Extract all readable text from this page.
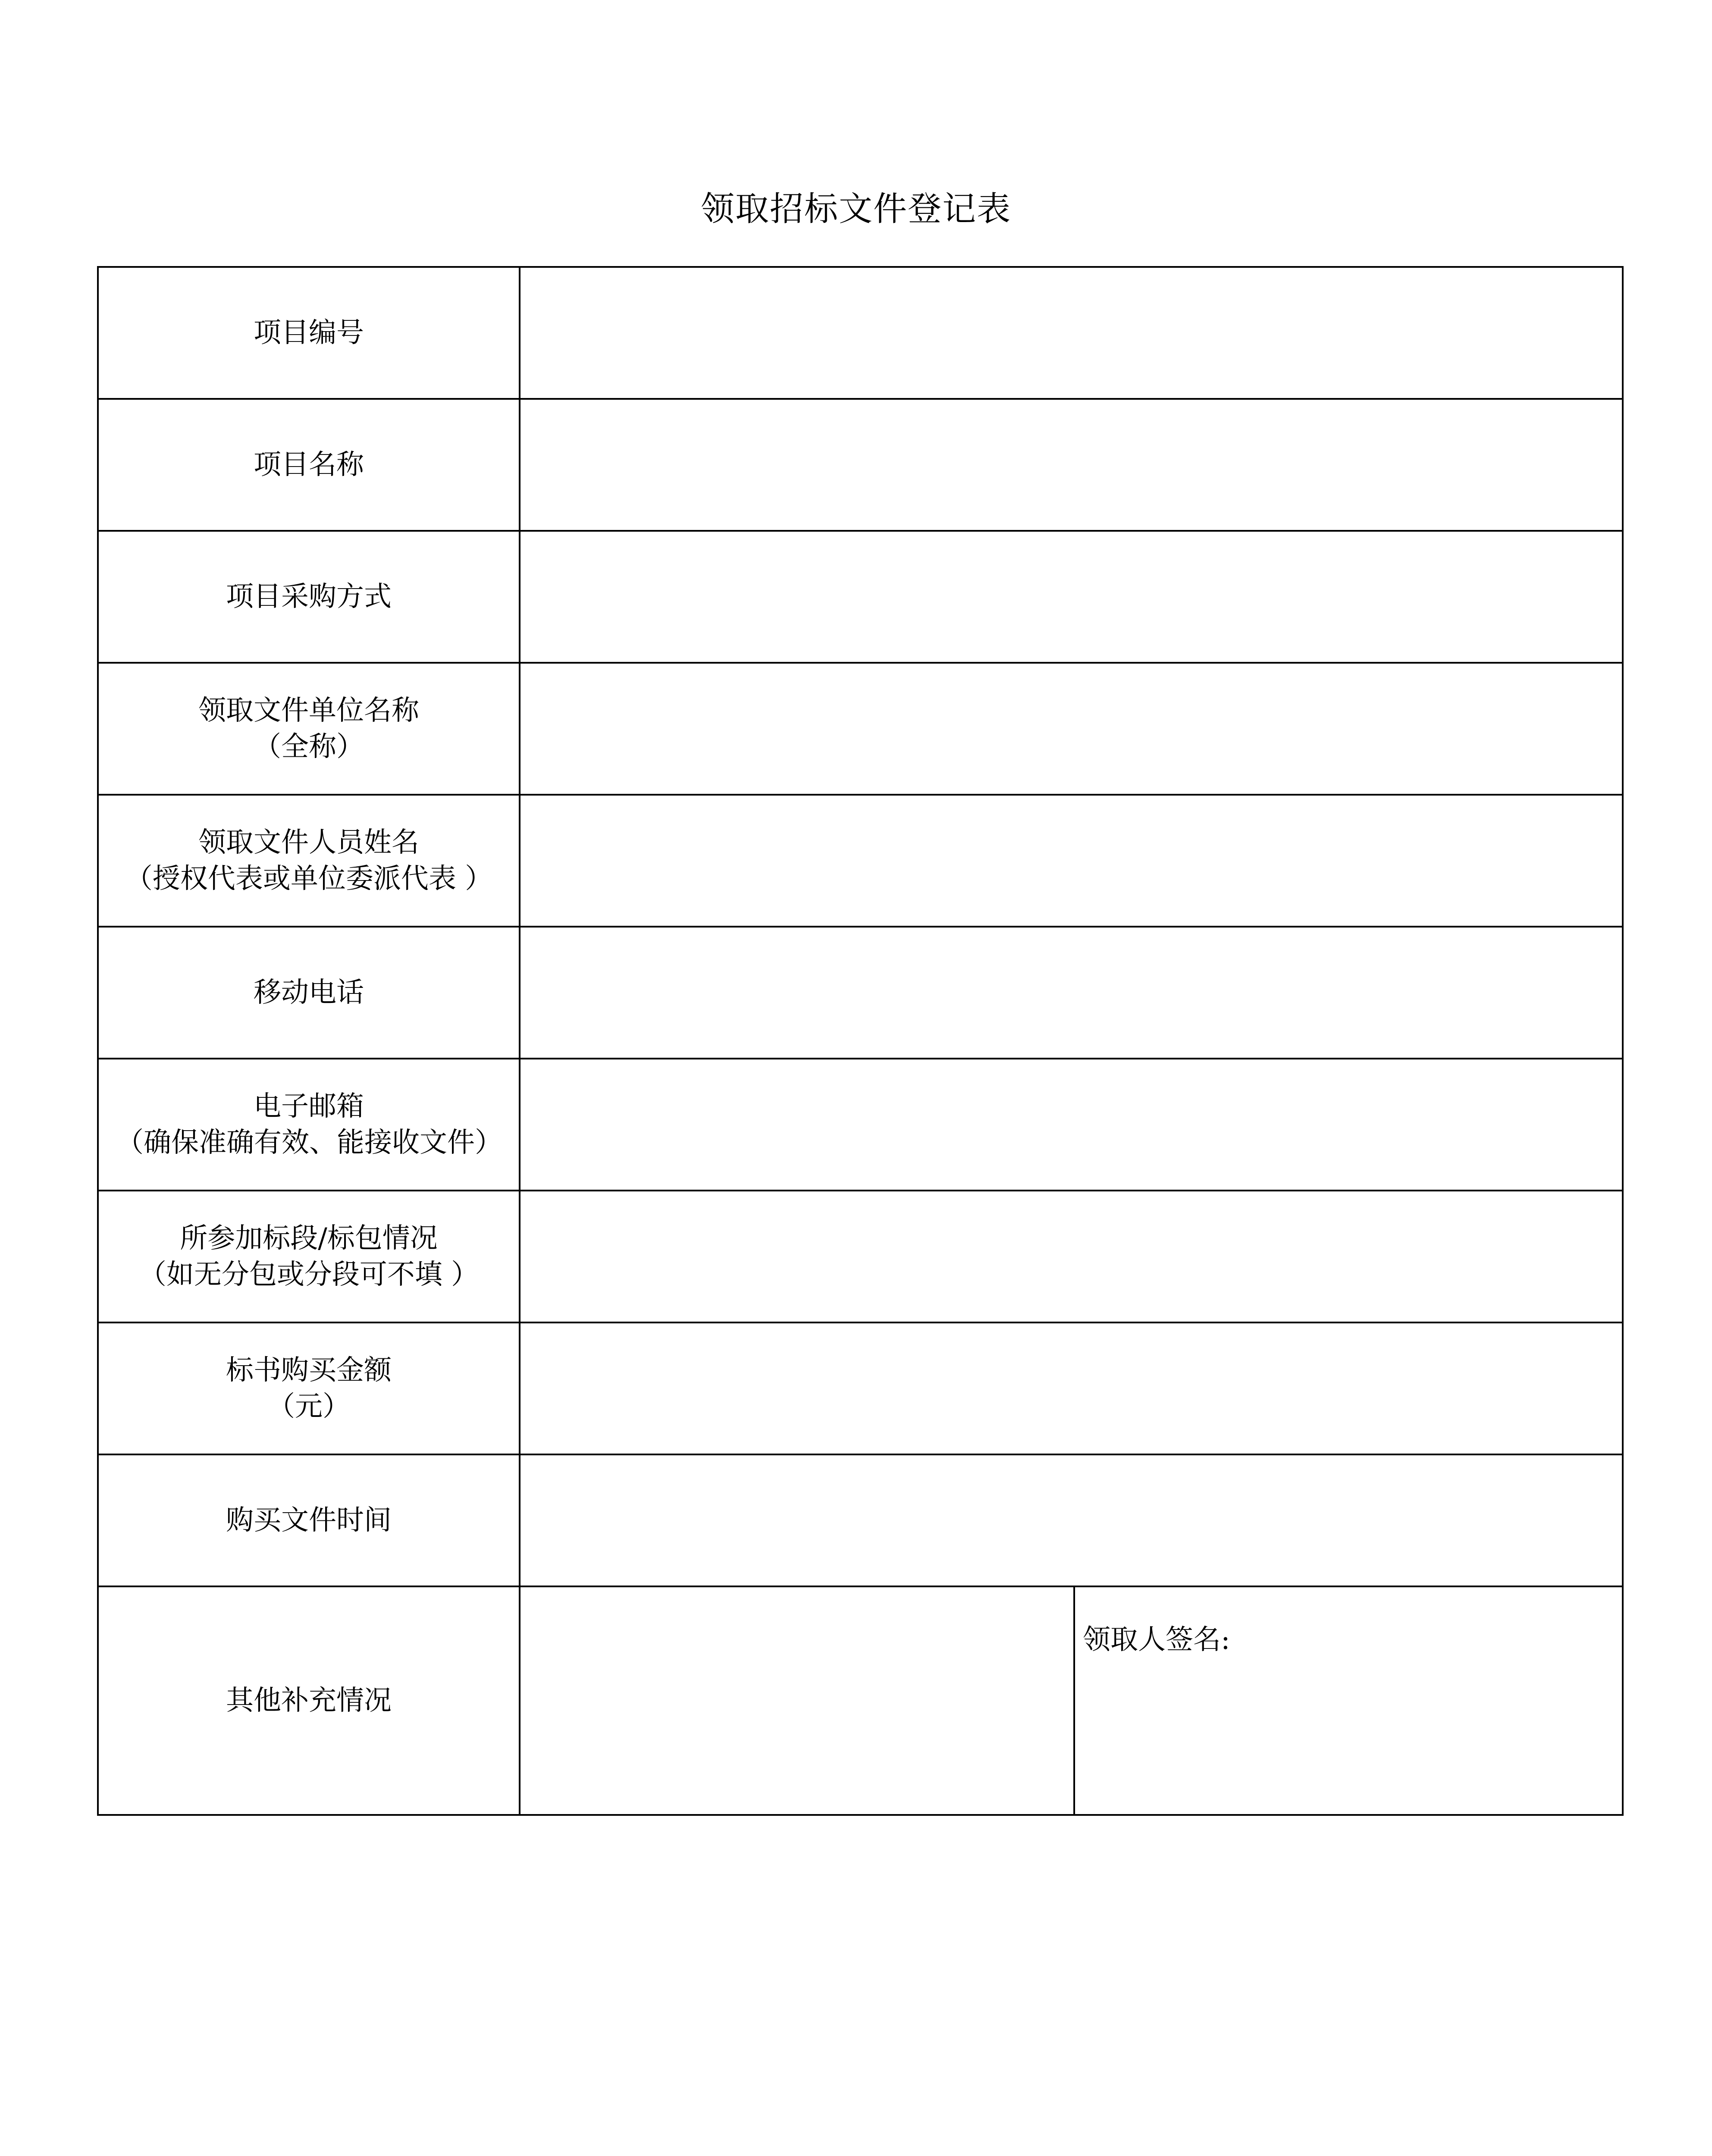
领取招标文件登记表
项目编号		

项目名称		

项目采购方式		

领取文件单位名称
（全称）		

领取文件人员姓名
（授权代表或单位委派代表 ）		

移动电话		

电子邮箱
（确保准确有效、能接收文件）		

所参加标段/标包情况
（如无分包或分段可不填 ）		

标书购买金额
（元）		

购买文件时间		

其他补充情况		领取人签名:
